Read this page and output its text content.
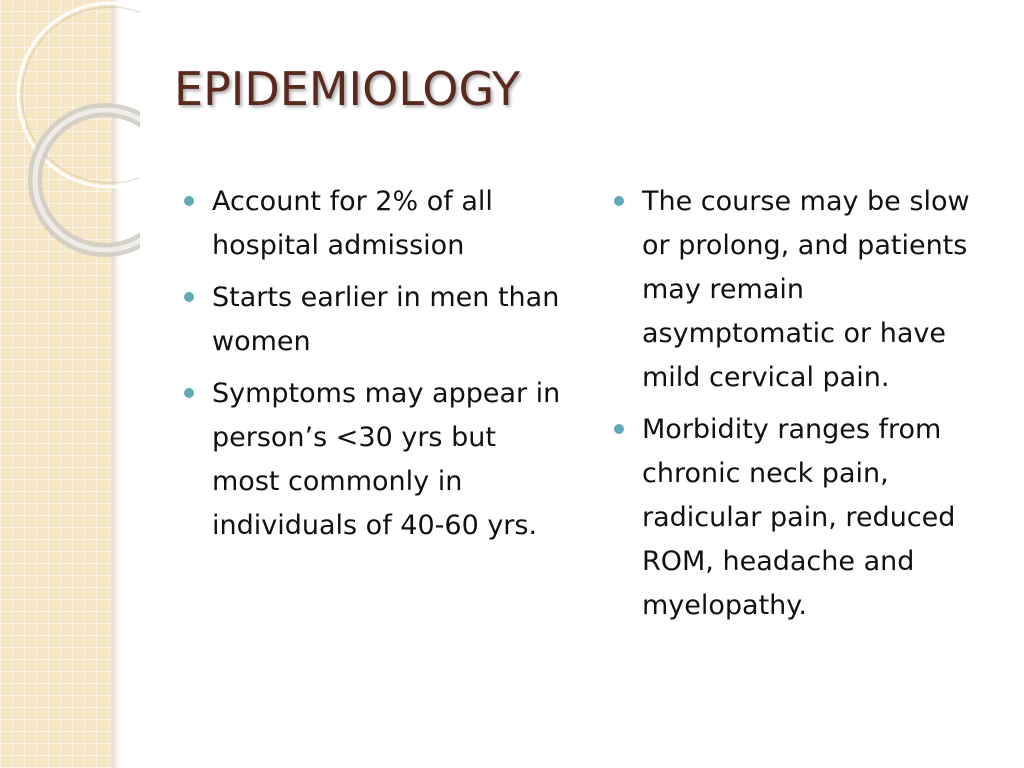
EPIDEMIOLOGY
Account for 2% of all hospital admission
Starts earlier in men than women
Symptoms may appear in person’s <30 yrs but most commonly in individuals of 40-60 yrs.
The course may be slow or prolong, and patients may remain asymptomatic or have mild cervical pain.
Morbidity ranges from chronic neck pain, radicular pain, reduced ROM, headache and myelopathy.
